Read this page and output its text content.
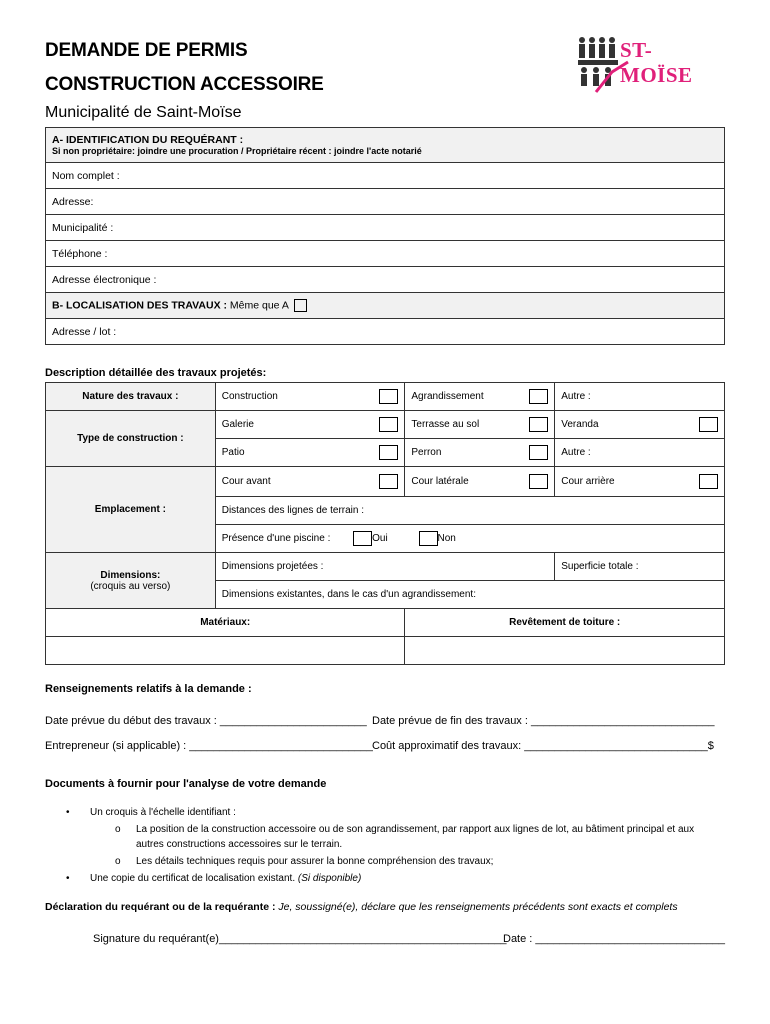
DEMANDE DE PERMIS
CONSTRUCTION ACCESSOIRE
Municipalité de Saint-Moïse
ST-MOÏSE
A- IDENTIFICATION DU REQUÉRANT :
Si non propriétaire: joindre une procuration / Propriétaire récent : joindre l'acte notarié

Nom complet :
Adresse:
Municipalité :
Téléphone :
Adresse électronique :
B- LOCALISATION DES TRAVAUX : Même que A
Adresse / lot :
Description détaillée des travaux projetés:
Nature des travaux :	Construction	Agrandissement	Autre :
Type de construction :	Galerie	Terrasse au sol	Veranda

	Patio	Perron	Autre :
Emplacement :	Cour avant	Cour latérale	Cour arrière

	Distances des lignes de terrain :		
	Présence d'une piscine : Oui Non		

Dimensions:
(croquis au verso)	Dimensions projetées :		Superficie totale :
	Dimensions existantes, dans le cas d'un agrandissement:		
Matériaux:		Revêtement de toiture :	

Renseignements relatifs à la demande :
Date prévue du début des travaux : ________________________ Date prévue de fin des travaux : ______________________________
Entrepreneur (si applicable) : ______________________________ Coût approximatif des travaux: ______________________________$
Documents à fournir pour l'analyse de votre demande
• Un croquis à l'échelle identifiant :
o La position de la construction accessoire ou de son agrandissement, par rapport aux lignes de lot, au bâtiment principal et aux
autres constructions accessoires sur le terrain.
o Les détails techniques requis pour assurer la bonne compréhension des travaux;
• Une copie du certificat de localisation existant. (Si disponible)
Déclaration du requérant ou de la requérante : Je, soussigné(e), déclare que les renseignements précédents sont exacts et complets
Signature du requérant(e)_______________________________________________
Date : _______________________________
